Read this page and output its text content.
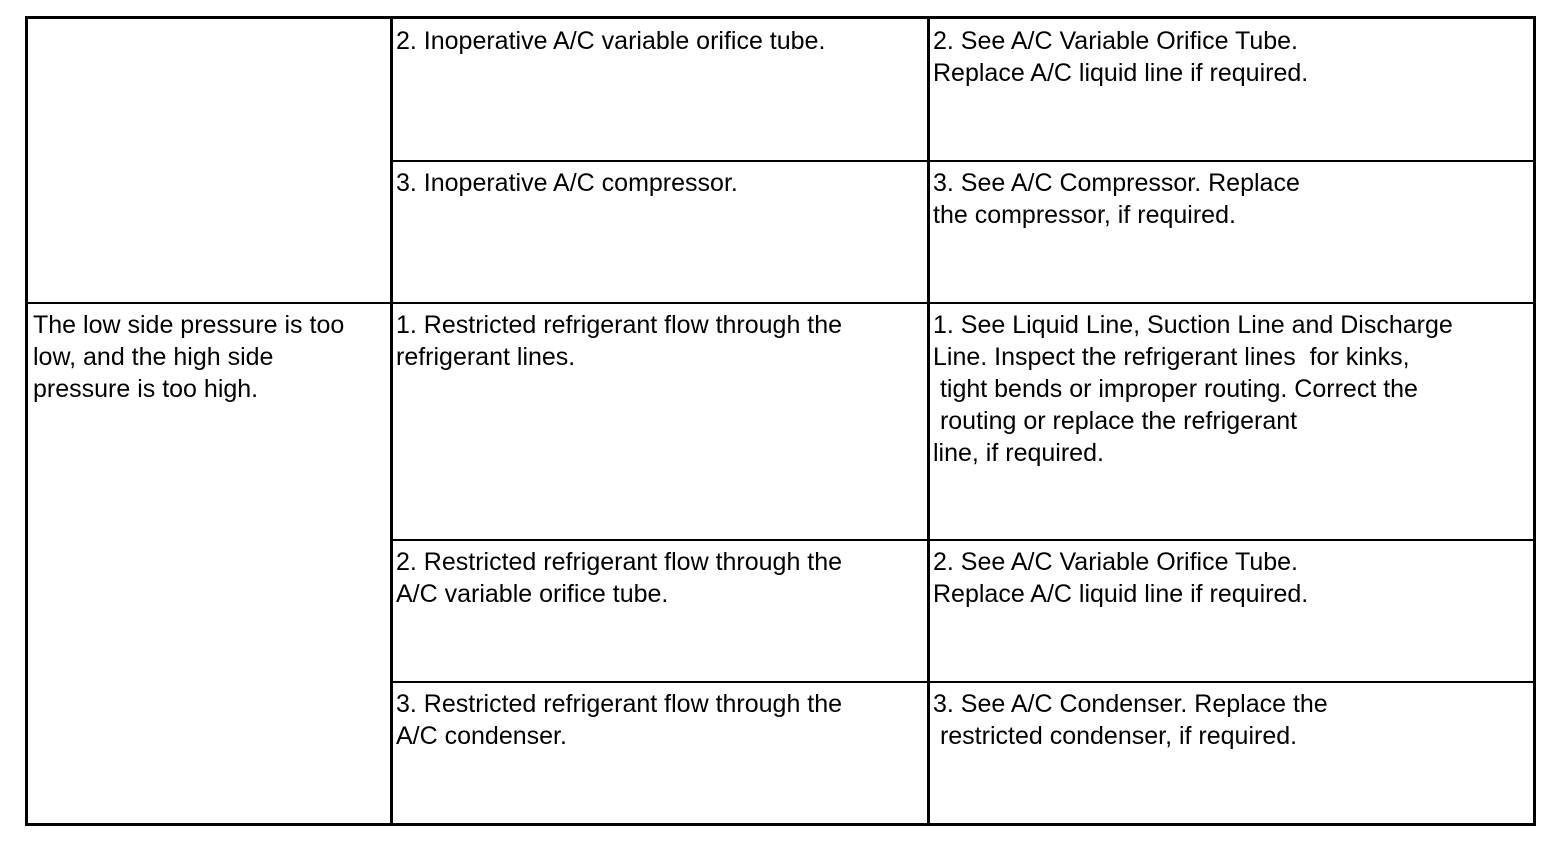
2. Inoperative A/C variable orifice tube.	2. See A/C Variable Orifice Tube.
Replace A/C liquid line if required.
3. Inoperative A/C compressor.	3. See A/C Compressor. Replace
the compressor, if required.
The low side pressure is too
low, and the high side
pressure is too high.
1. Restricted refrigerant flow through the
refrigerant lines.
1. See Liquid Line, Suction Line and Discharge
Line. Inspect the refrigerant lines  for kinks,
tight bends or improper routing. Correct the
routing or replace the refrigerant
line, if required.
2. Restricted refrigerant flow through the
A/C variable orifice tube.
2. See A/C Variable Orifice Tube.
Replace A/C liquid line if required.
3. Restricted refrigerant flow through the
A/C condenser.
3. See A/C Condenser. Replace the
restricted condenser, if required.
